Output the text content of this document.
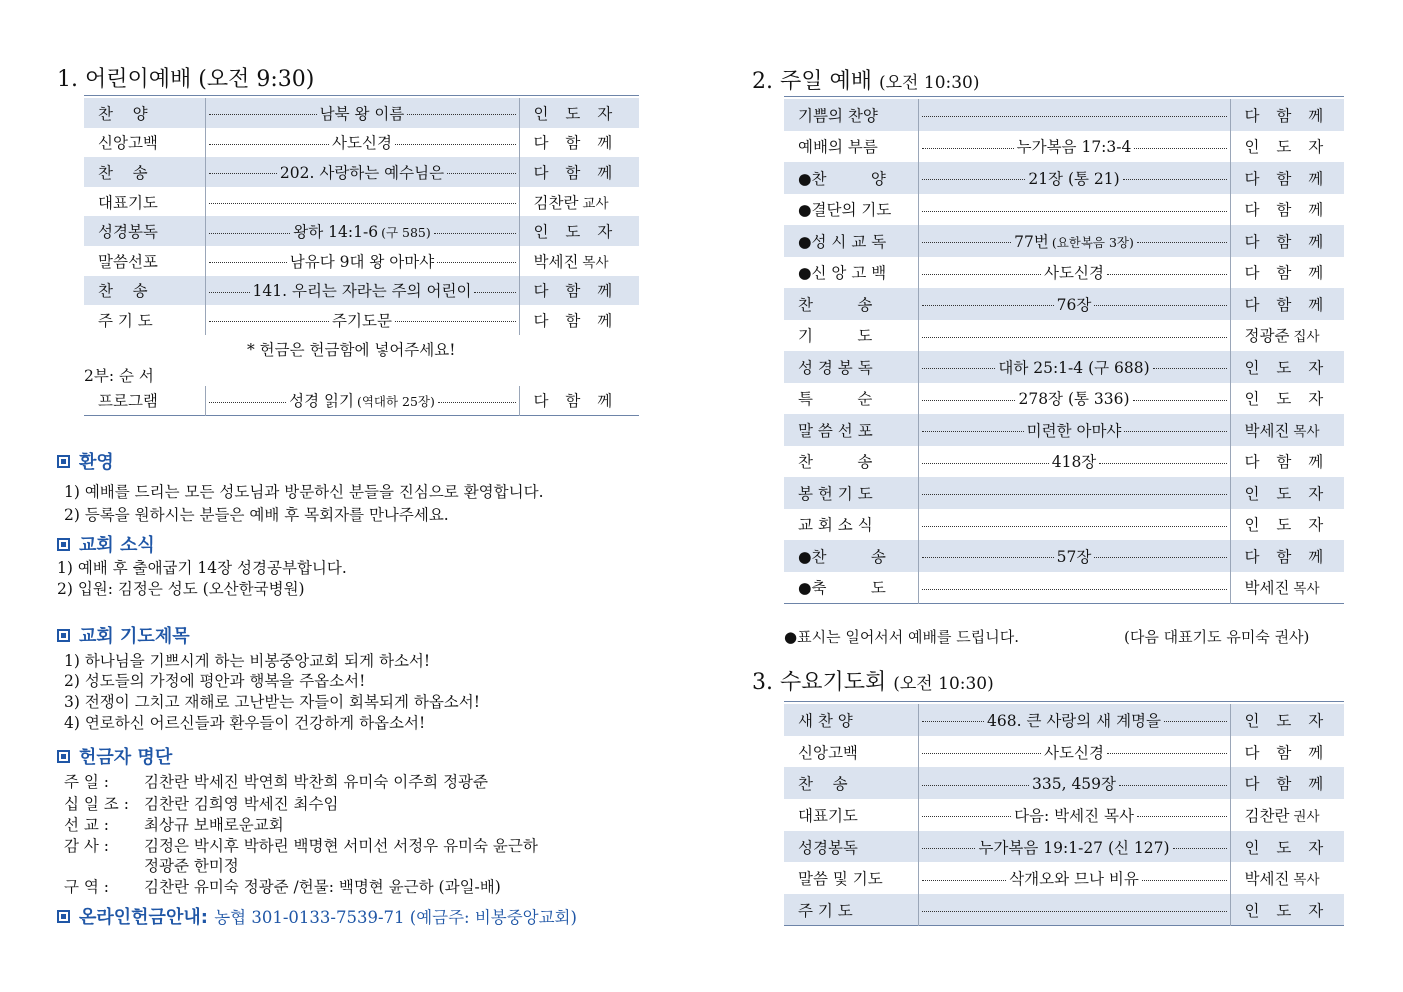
1. 어린이예배 (오전 9:30)
찬    양	남북 왕 이름	인 도 자
신앙고백	사도신경	다 함 께
찬    송	202. 사랑하는 예수님은	다 함 께
대표기도		김찬란 교사
성경봉독	왕하 14:1-6 (구 585)	인 도 자
말씀선포	남유다 9대 왕 아마샤	박세진 목사
찬    송	141. 우리는 자라는 주의 어린이	다 함 께
주 기 도	주기도문	다 함 께
* 헌금은 헌금함에 넣어주세요!
2부: 순 서
프로그램	성경 읽기 (역대하 25장)	다 함 께
환영
1) 예배를 드리는 모든 성도님과 방문하신 분들을 진심으로 환영합니다.
2) 등록을 원하시는 분들은 예배 후 목회자를 만나주세요.
교회 소식
1) 예배 후 출애굽기 14장 성경공부합니다.
2) 입원: 김정은 성도 (오산한국병원)
교회 기도제목
1) 하나님을 기쁘시게 하는 비봉중앙교회 되게 하소서!
2) 성도들의 가정에 평안과 행복을 주옵소서!
3) 전쟁이 그치고 재해로 고난받는 자들이 회복되게 하옵소서!
4) 연로하신 어르신들과 환우들이 건강하게 하옵소서!
헌금자 명단
주 일 : 김찬란 박세진 박연희 박찬희 유미숙 이주희 정광준
십 일 조 : 김찬란 김희영 박세진 최수임
선 교 : 최상규 보배로운교회
감 사 : 김정은 박시후 박하린 백명현 서미선 서정우 유미숙 윤근하
정광준 한미정
구 역 : 김찬란 유미숙 정광준 /헌물: 백명현 윤근하 (과일-배)
온라인헌금안내: 농협 301-0133-7539-71 (예금주: 비봉중앙교회)
2. 주일 예배 (오전 10:30)
기쁨의 찬양		다 함 께
예배의 부름	누가복음 17:3-4	인 도 자
●찬         양	21장 (통 21)	다 함 께
●결단의 기도		다 함 께
●성 시 교 독	77번 (요한복음 3장)	다 함 께
●신 앙 고 백	사도신경	다 함 께
찬         송	76장	다 함 께
기         도		정광준 집사
성 경 봉 독	대하 25:1-4 (구 688)	인 도 자
특         순	278장 (통 336)	인 도 자
말 씀 선 포	미련한 아마샤	박세진 목사
찬         송	418장	다 함 께
봉 헌 기 도		인 도 자
교 회 소 식		인 도 자
●찬         송	57장	다 함 께
●축         도		박세진 목사
●표시는 일어서서 예배를 드립니다.	(다음 대표기도 유미숙 권사)
3. 수요기도회 (오전 10:30)
새 찬 양	468. 큰 사랑의 새 계명을	인 도 자
신앙고백	사도신경	다 함 께
찬    송	335, 459장	다 함 께
대표기도	다음: 박세진 목사	김찬란 권사
성경봉독	누가복음 19:1-27 (신 127)	인 도 자
말씀 및 기도	삭개오와 므나 비유	박세진 목사
주 기 도		인 도 자
